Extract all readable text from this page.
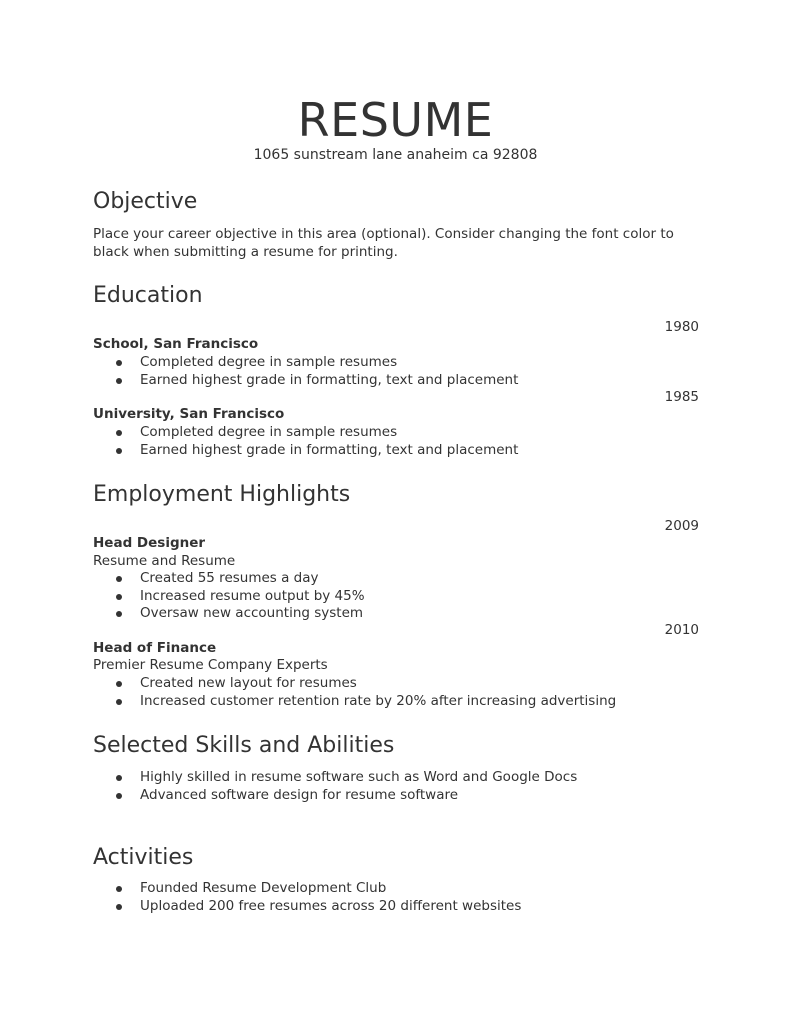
RESUME
1065 sunstream lane anaheim ca 92808
Objective
Place your career objective in this area (optional). Consider changing the font color to black when submitting a resume for printing.
Education
1980
School, San Francisco
Completed degree in sample resumes
Earned highest grade in formatting, text and placement
1985
University, San Francisco
Completed degree in sample resumes
Earned highest grade in formatting, text and placement
Employment Highlights
2009
Head Designer
Resume and Resume
Created 55 resumes a day
Increased resume output by 45%
Oversaw new accounting system
2010
Head of Finance
Premier Resume Company Experts
Created new layout for resumes
Increased customer retention rate by 20% after increasing advertising
Selected Skills and Abilities
Highly skilled in resume software such as Word and Google Docs
Advanced software design for resume software
Activities
Founded Resume Development Club
Uploaded 200 free resumes across 20 different websites
